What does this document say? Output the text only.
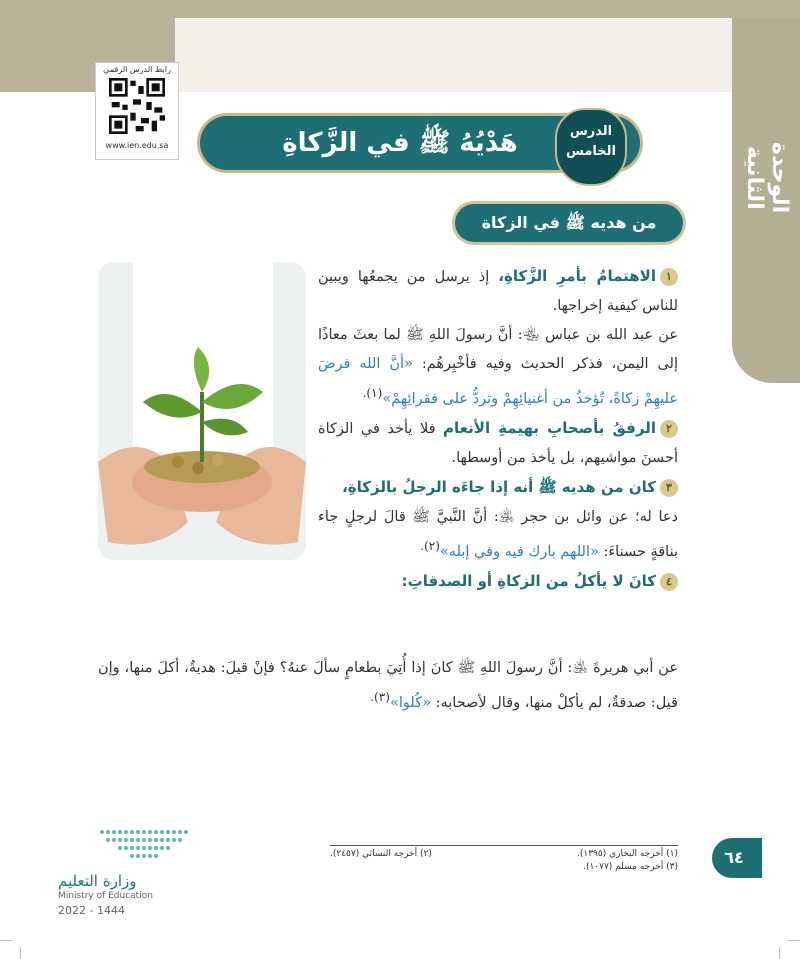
الوحدة الثانية
رابط الدرس الرقمي
www.ien.edu.sa	هَدْيُهُ ﷺ في الزَّكاةِ والصدقةِ
الدرس
الخامس
من هديه ﷺ في الزكاة

١الاهتمامُ بأمرِ الزَّكاةِ، إذ يرسل من يجمعُها ويبين للناس كيفية إخراجها.

عن عبد الله بن عباس ﵄: أنَّ رسولَ اللهِ ﷺ لما بعثَ معاذًا إلى اليمن، فذكر الحديث وفيه فأخْبِرهُم: «أنَّ الله فرضَ عليهِمْ زكاةً، تُؤخذُ من أغنيائِهِمْ وتردُّ على فقرائِهِمْ»$^{(١).}$

٢الرفقُ بأصحابِ بهيمةِ الأنعام فلا يأخذ في الزكاة أحسنَ مواشيهم، بل يأخذ من أوسطها.

٣كان من هديه ﷺ أنه إذا جاءَه الرجلُ بالزكاةِ،

دعا له؛ عن وائل بن حجر ﵁: أنَّ النَّبيَّ ﷺ قالَ لرجلٍ جاء بناقةٍ حسناءَ: «اللهم بارك فيه وفي إبله»$^{(٢).}$

٤كانَ لا يأكلُ من الزكاةِ أو الصدقاتِ:

عن أبي هريرةَ ﵁: أنَّ رسولَ اللهِ ﷺ كانَ إذا أُتِيَ بطعامٍ سألَ عنهُ؟ فإنْ قيلَ: هديةٌ، أكلَ منها، وإن قيل: صدقةٌ، لم يأكلْ منها، وقال لأصحابه: «كُلوا»$^{(٣).}$

(١) أخرجه البخاري (١٣٩٥).
(٢) أخرجه النسائي (٢٤٥٧).
(٣) أخرجه مسلم (١٠٧٧).	٦٤
وزارة التعليم
Ministry of Education
2022 - 1444
